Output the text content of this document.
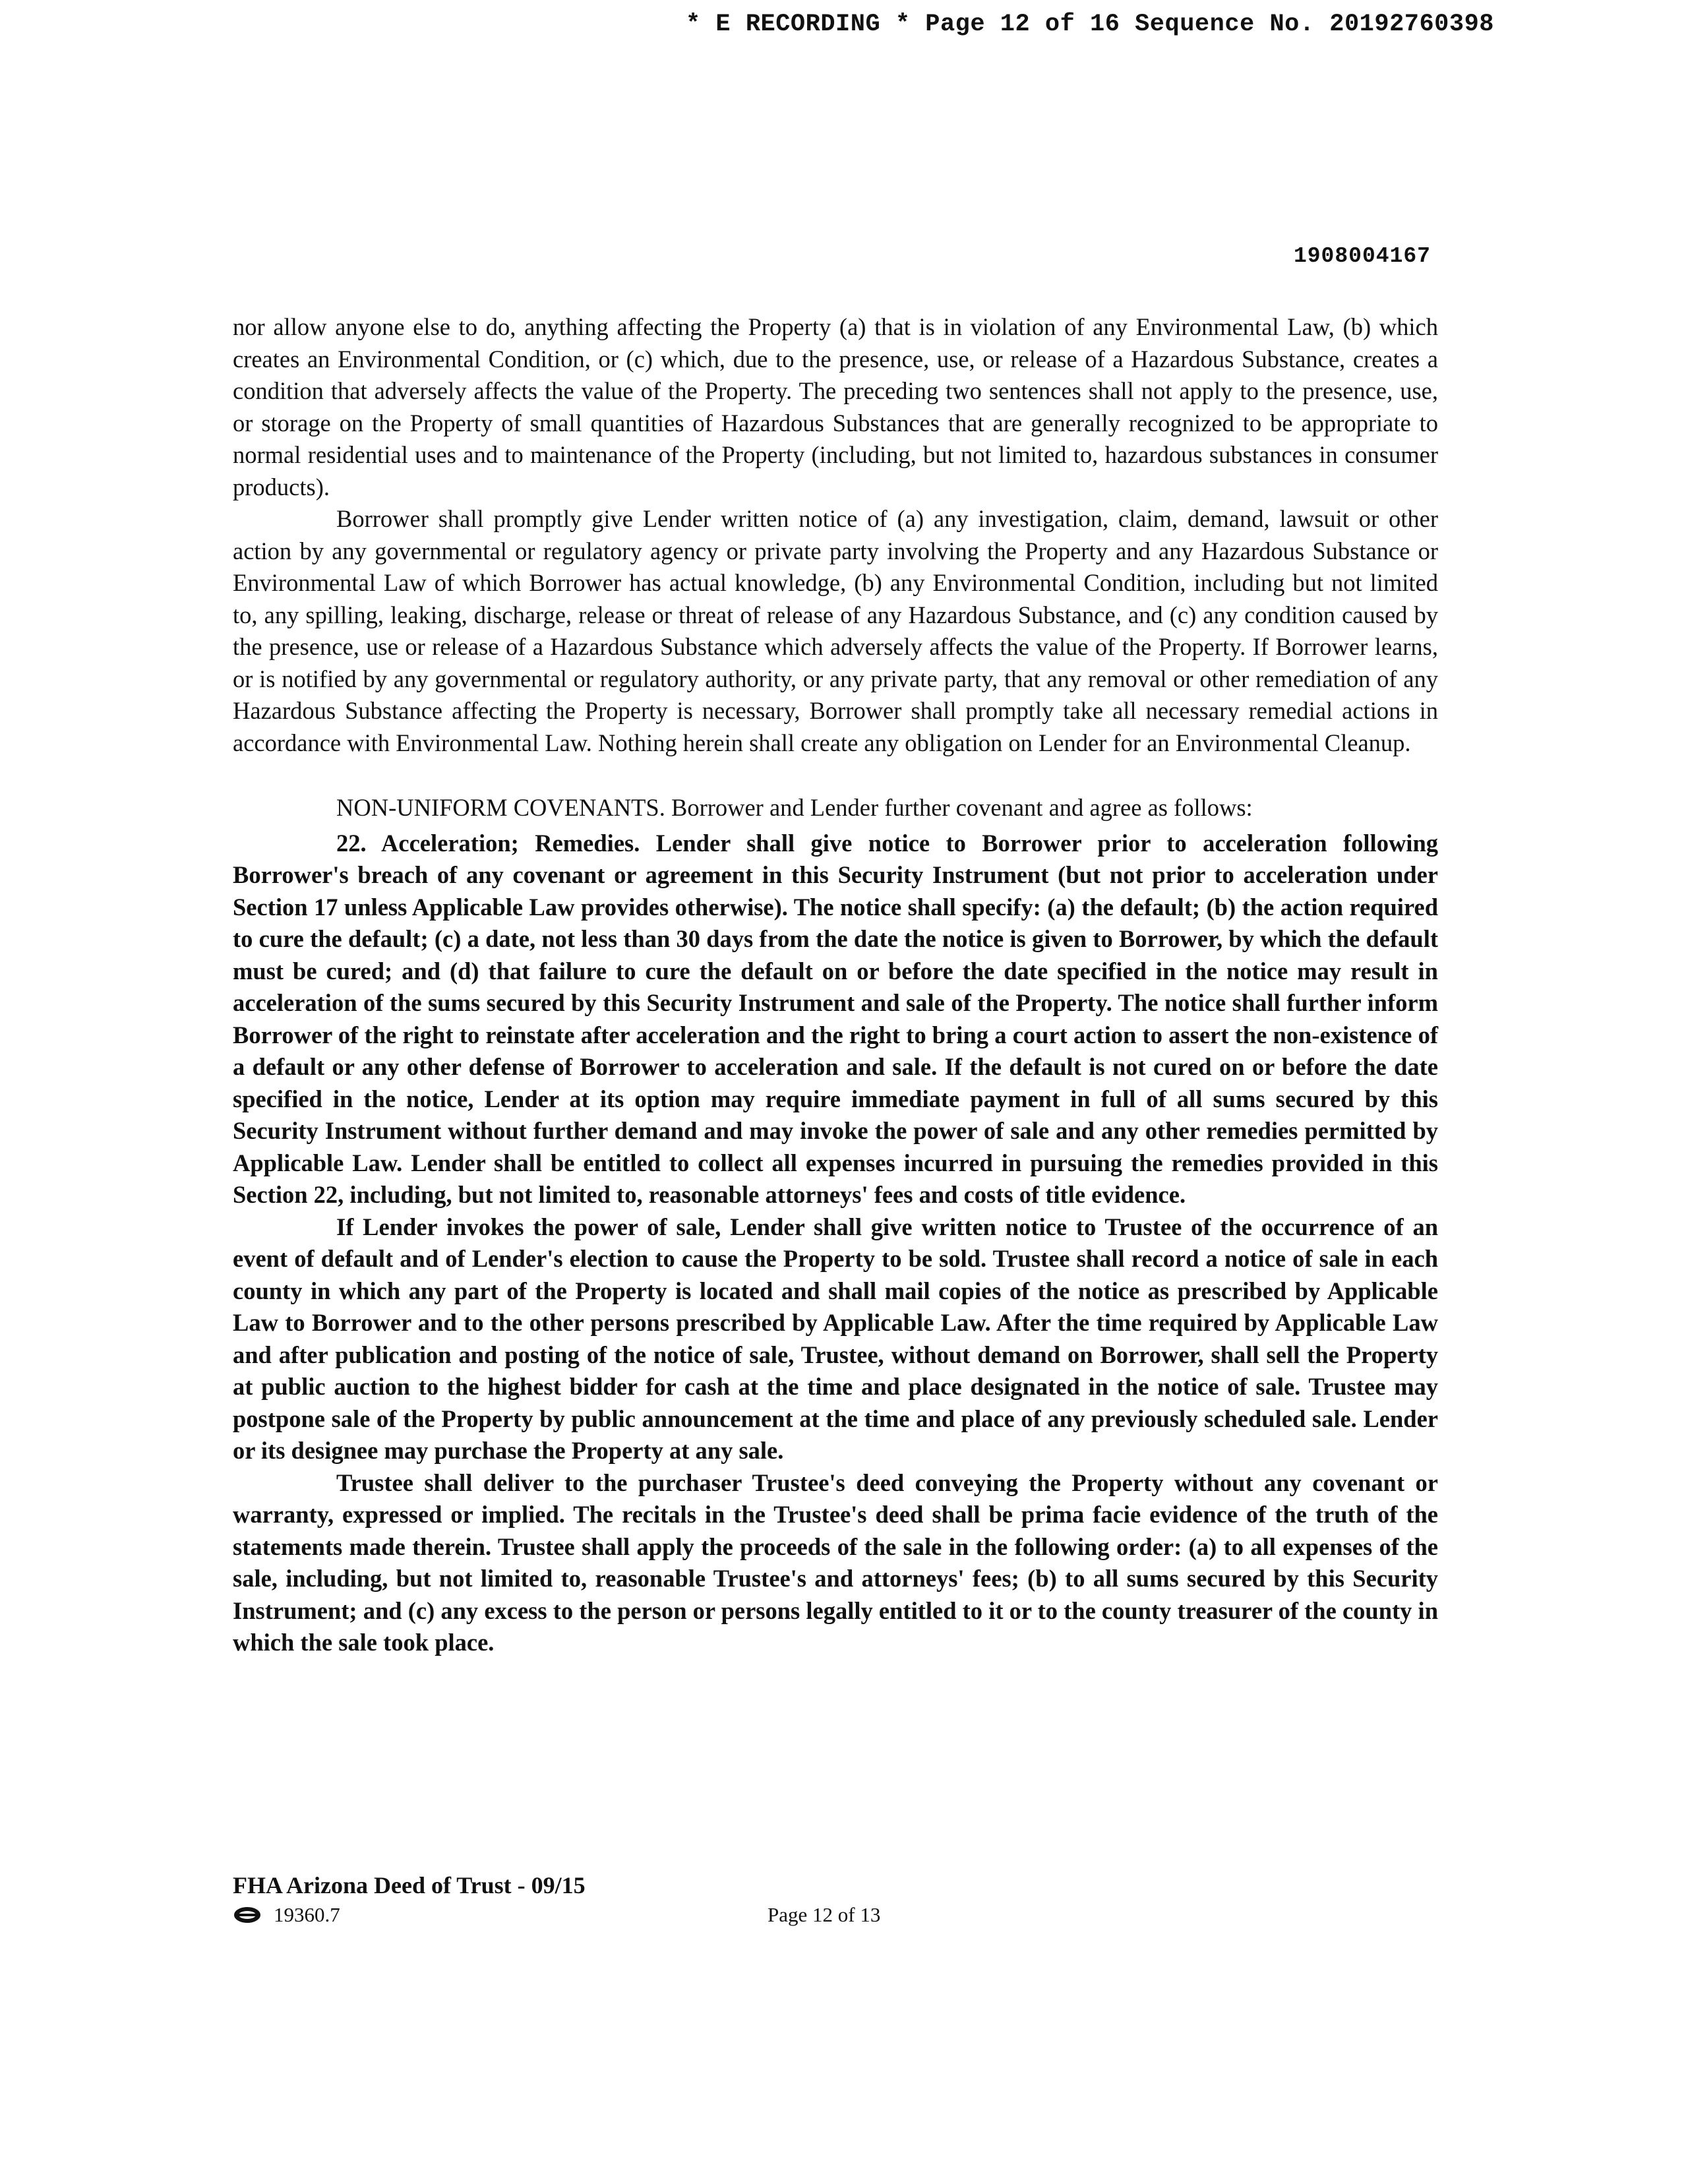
* E RECORDING * Page 12 of 16 Sequence No. 20192760398
1908004167

nor allow anyone else to do, anything affecting the Property (a) that is in violation of any Environmental Law, (b) which creates an Environmental Condition, or (c) which, due to the presence, use, or release of a Hazardous Substance, creates a condition that adversely affects the value of the Property. The preceding two sentences shall not apply to the presence, use, or storage on the Property of small quantities of Hazardous Substances that are generally recognized to be appropriate to normal residential uses and to maintenance of the Property (including, but not limited to, hazardous substances in consumer products).

Borrower shall promptly give Lender written notice of (a) any investigation, claim, demand, lawsuit or other action by any governmental or regulatory agency or private party involving the Property and any Hazardous Substance or Environmental Law of which Borrower has actual knowledge, (b) any Environmental Condition, including but not limited to, any spilling, leaking, discharge, release or threat of release of any Hazardous Substance, and (c) any condition caused by the presence, use or release of a Hazardous Substance which adversely affects the value of the Property. If Borrower learns, or is notified by any governmental or regulatory authority, or any private party, that any removal or other remediation of any Hazardous Substance affecting the Property is necessary, Borrower shall promptly take all necessary remedial actions in accordance with Environmental Law. Nothing herein shall create any obligation on Lender for an Environmental Cleanup.

NON-UNIFORM COVENANTS. Borrower and Lender further covenant and agree as follows:

22. Acceleration; Remedies. Lender shall give notice to Borrower prior to acceleration following Borrower's breach of any covenant or agreement in this Security Instrument (but not prior to acceleration under Section 17 unless Applicable Law provides otherwise). The notice shall specify: (a) the default; (b) the action required to cure the default; (c) a date, not less than 30 days from the date the notice is given to Borrower, by which the default must be cured; and (d) that failure to cure the default on or before the date specified in the notice may result in acceleration of the sums secured by this Security Instrument and sale of the Property. The notice shall further inform Borrower of the right to reinstate after acceleration and the right to bring a court action to assert the non-existence of a default or any other defense of Borrower to acceleration and sale. If the default is not cured on or before the date specified in the notice, Lender at its option may require immediate payment in full of all sums secured by this Security Instrument without further demand and may invoke the power of sale and any other remedies permitted by Applicable Law. Lender shall be entitled to collect all expenses incurred in pursuing the remedies provided in this Section 22, including, but not limited to, reasonable attorneys' fees and costs of title evidence.

If Lender invokes the power of sale, Lender shall give written notice to Trustee of the occurrence of an event of default and of Lender's election to cause the Property to be sold. Trustee shall record a notice of sale in each county in which any part of the Property is located and shall mail copies of the notice as prescribed by Applicable Law to Borrower and to the other persons prescribed by Applicable Law. After the time required by Applicable Law and after publication and posting of the notice of sale, Trustee, without demand on Borrower, shall sell the Property at public auction to the highest bidder for cash at the time and place designated in the notice of sale. Trustee may postpone sale of the Property by public announcement at the time and place of any previously scheduled sale. Lender or its designee may purchase the Property at any sale.

Trustee shall deliver to the purchaser Trustee's deed conveying the Property without any covenant or warranty, expressed or implied. The recitals in the Trustee's deed shall be prima facie evidence of the truth of the statements made therein. Trustee shall apply the proceeds of the sale in the following order: (a) to all expenses of the sale, including, but not limited to, reasonable Trustee's and attorneys' fees; (b) to all sums secured by this Security Instrument; and (c) any excess to the person or persons legally entitled to it or to the county treasurer of the county in which the sale took place.

FHA Arizona Deed of Trust - 09/15
19360.7	Page 12 of 13
